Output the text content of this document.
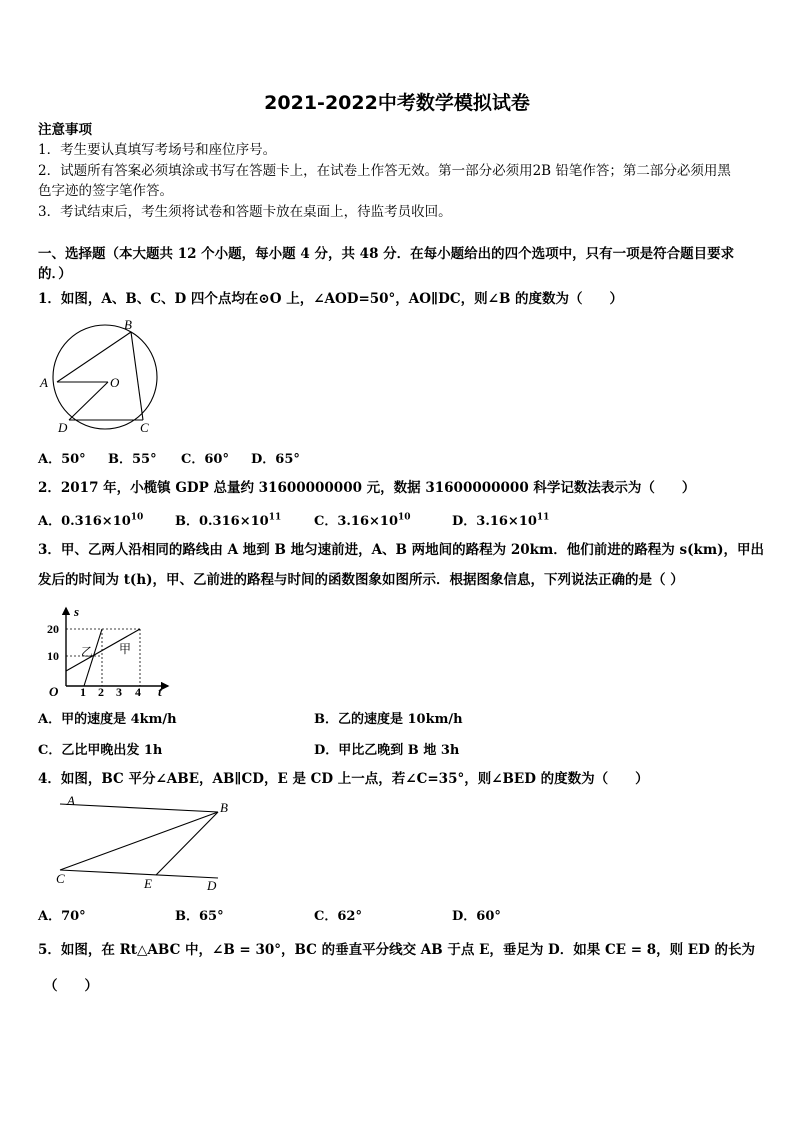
2021-2022中考数学模拟试卷
注意事项
1．考生要认真填写考场号和座位序号。
2．试题所有答案必须填涂或书写在答题卡上，在试卷上作答无效。第一部分必须用2B 铅笔作答；第二部分必须用黑
色字迹的签字笔作答。
3．考试结束后，考生须将试卷和答题卡放在桌面上，待监考员收回。
一、选择题（本大题共 12 个小题，每小题 4 分，共 48 分．在每小题给出的四个选项中，只有一项是符合题目要求
的．）
1．如图，A、B、C、D 四个点均在⊙O 上，∠AOD=50°，AO∥DC，则∠B 的度数为（　　）
A
B
C
D
O
A．50° B．55° C．60° D．65°
2．2017 年，小榄镇 GDP 总量约 31600000000 元，数据 31600000000 科学记数法表示为（　　）
A．$0.316\times 10^{10}$ B．$0.316\times 10^{11}$	C．$3.16\times 10^{10}$	D．$3.16\times 10^{11}$
3．甲、乙两人沿相同的路线由 A 地到 B 地匀速前进，A、B 两地间的路程为 20km．他们前进的路程为 s(km)，甲出
发后的时间为 t(h)，甲、乙前进的路程与时间的函数图象如图所示．根据图象信息，下列说法正确的是（ ）
s
t
O
10
20
1 2 3 4
乙 甲
A．甲的速度是 4km/h	B．乙的速度是 10km/h
C．乙比甲晚出发 1h	D．甲比乙晚到 B 地 3h
4．如图，BC 平分∠ABE，AB∥CD，E 是 CD 上一点，若∠C=35°，则∠BED 的度数为（　　）
A	B
C	E	D
A．70°	B．65°	C．62°	D．60°
5．如图，在 Rt△ABC 中，∠B = 30°，BC 的垂直平分线交 AB 于点 E，垂足为 D．如果 CE = 8，则 ED 的长为
（　　）
